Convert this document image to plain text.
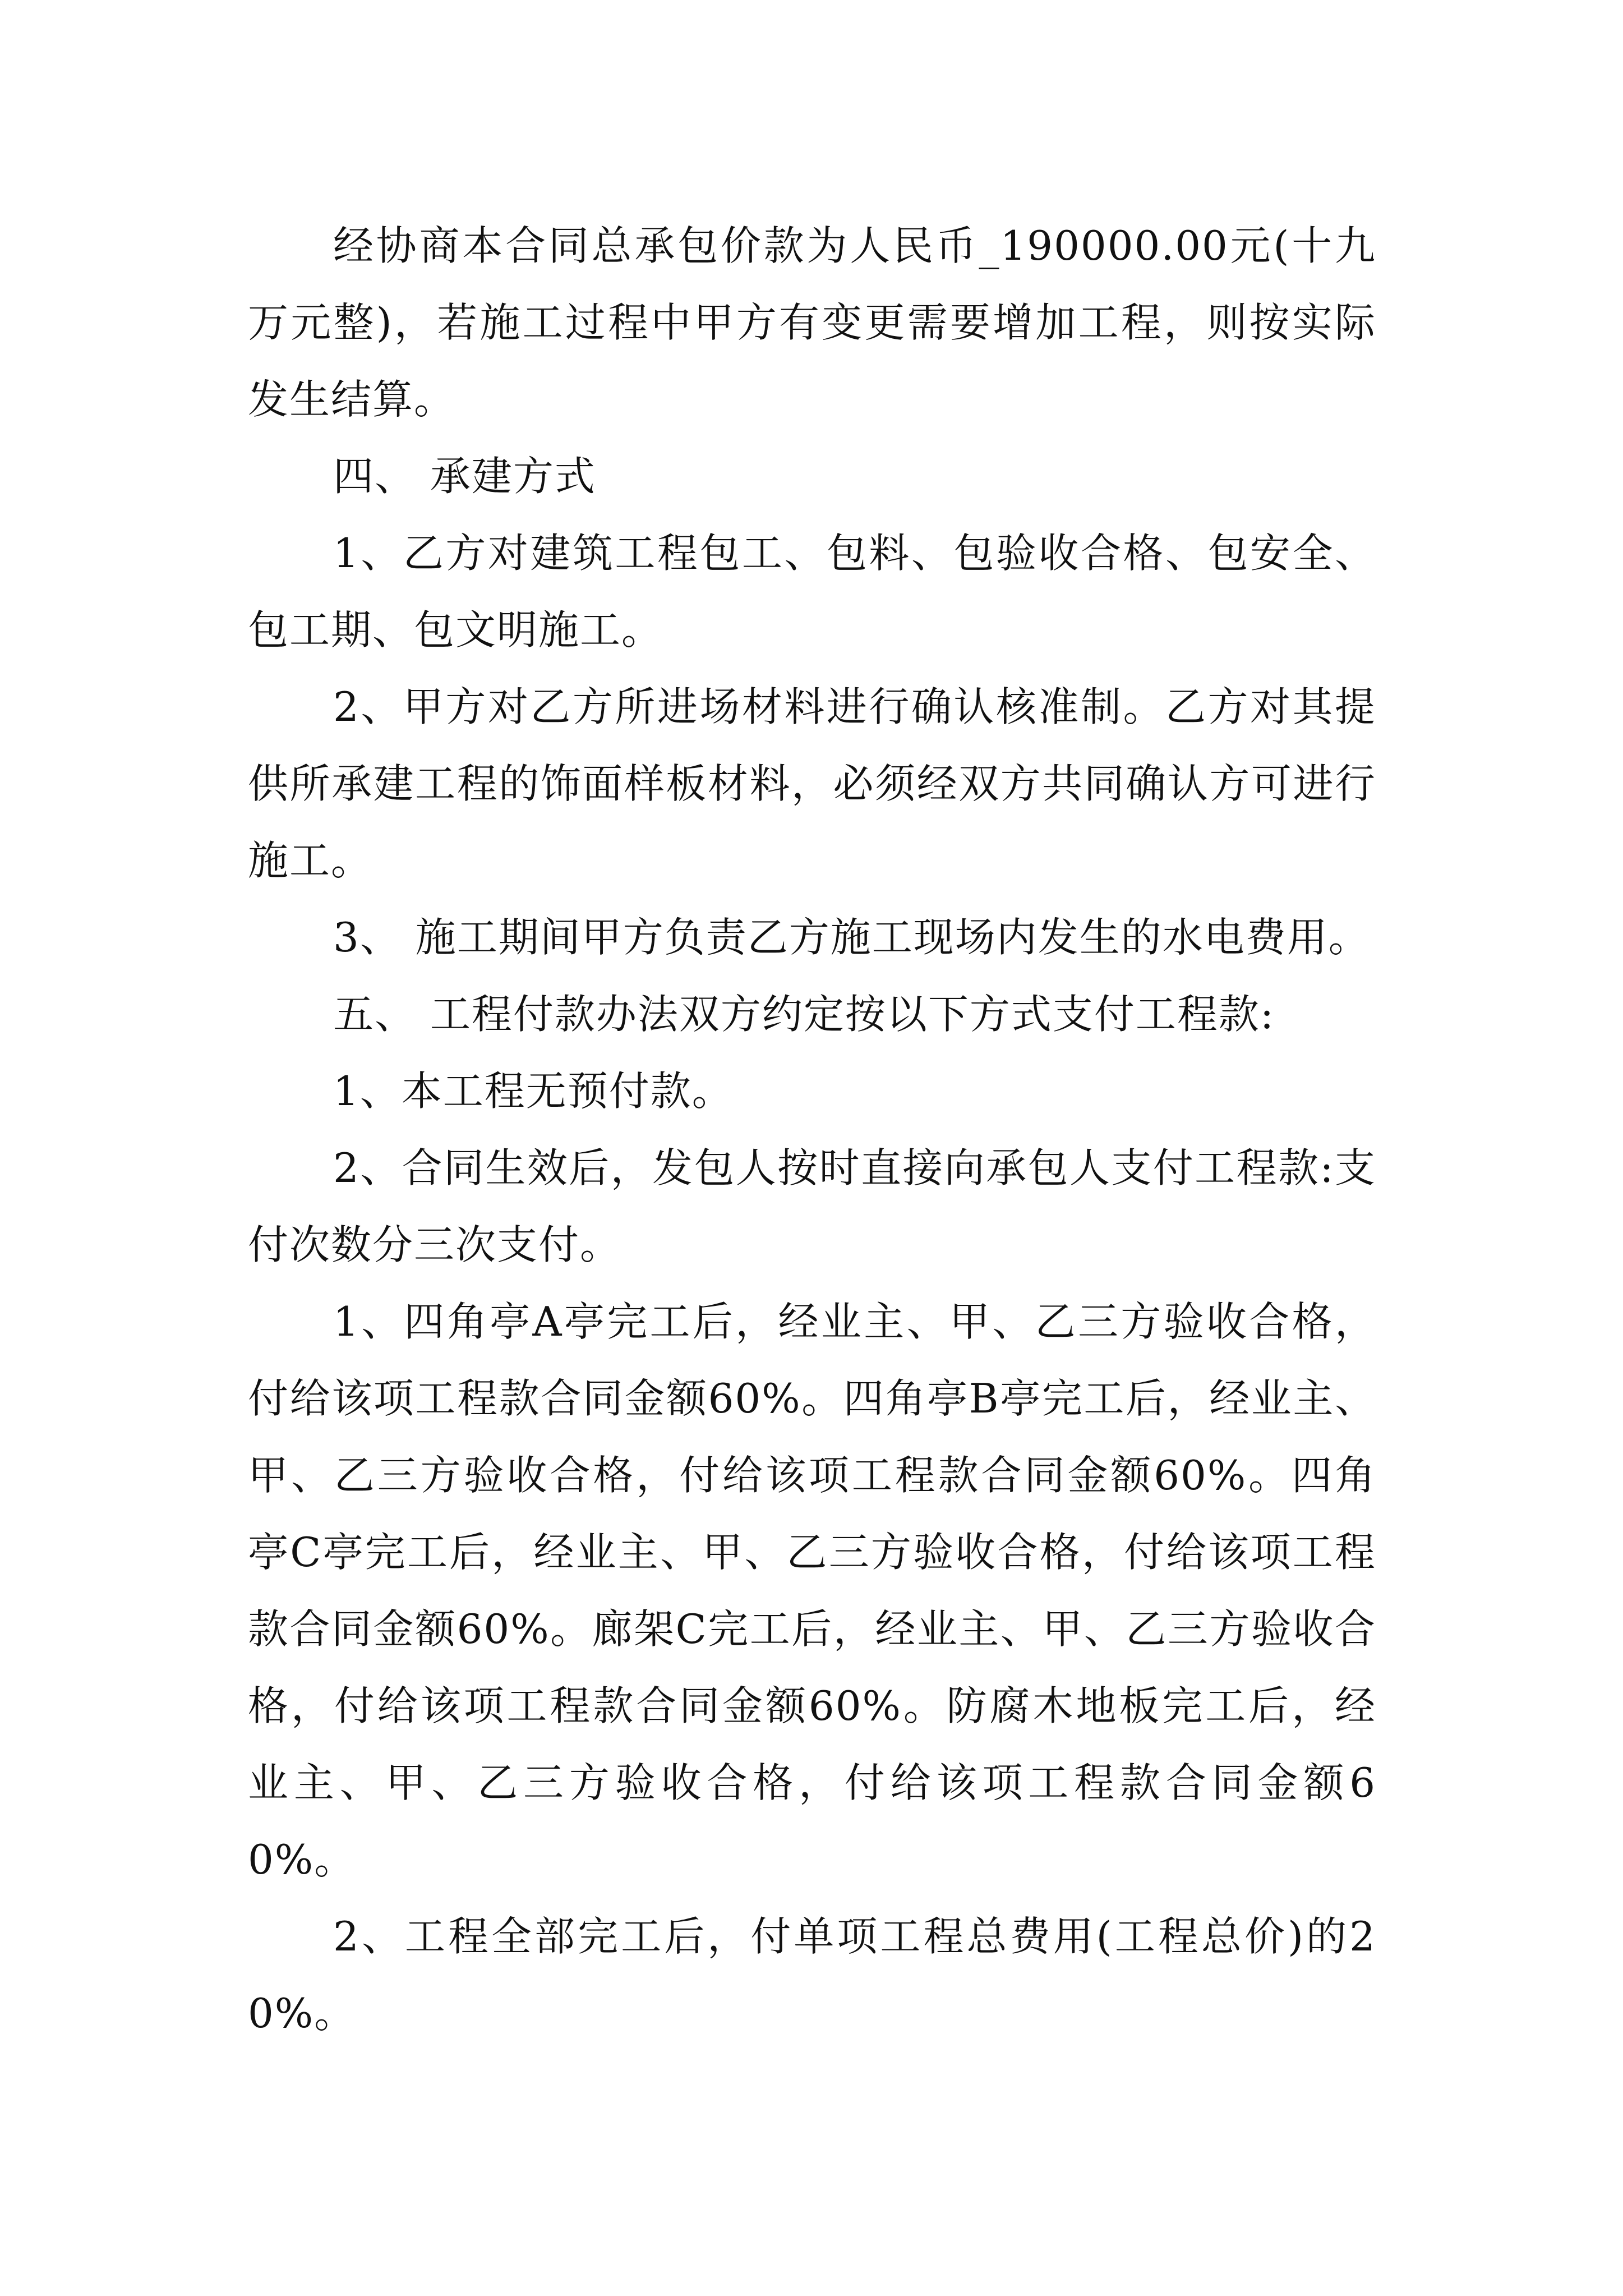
经协商本合同总承包价款为人民币_190000.00元(十九万元整)，若施工过程中甲方有变更需要增加工程，则按实际发生结算。

四、 承建方式

1、乙方对建筑工程包工、包料、包验收合格、包安全、包工期、包文明施工。

2、甲方对乙方所进场材料进行确认核准制。乙方对其提供所承建工程的饰面样板材料，必须经双方共同确认方可进行施工。

3、 施工期间甲方负责乙方施工现场内发生的水电费用。

五、 工程付款办法双方约定按以下方式支付工程款:

1、本工程无预付款。

2、合同生效后，发包人按时直接向承包人支付工程款:支付次数分三次支付。

1、四角亭A亭完工后，经业主、甲、乙三方验收合格，付给该项工程款合同金额60%。四角亭B亭完工后，经业主、甲、乙三方验收合格，付给该项工程款合同金额60%。四角亭C亭完工后，经业主、甲、乙三方验收合格，付给该项工程款合同金额60%。廊架C完工后，经业主、甲、乙三方验收合格，付给该项工程款合同金额60%。防腐木地板完工后，经业主、甲、乙三方验收合格，付给该项工程款合同金额60%。

2、工程全部完工后，付单项工程总费用(工程总价)的20%。
